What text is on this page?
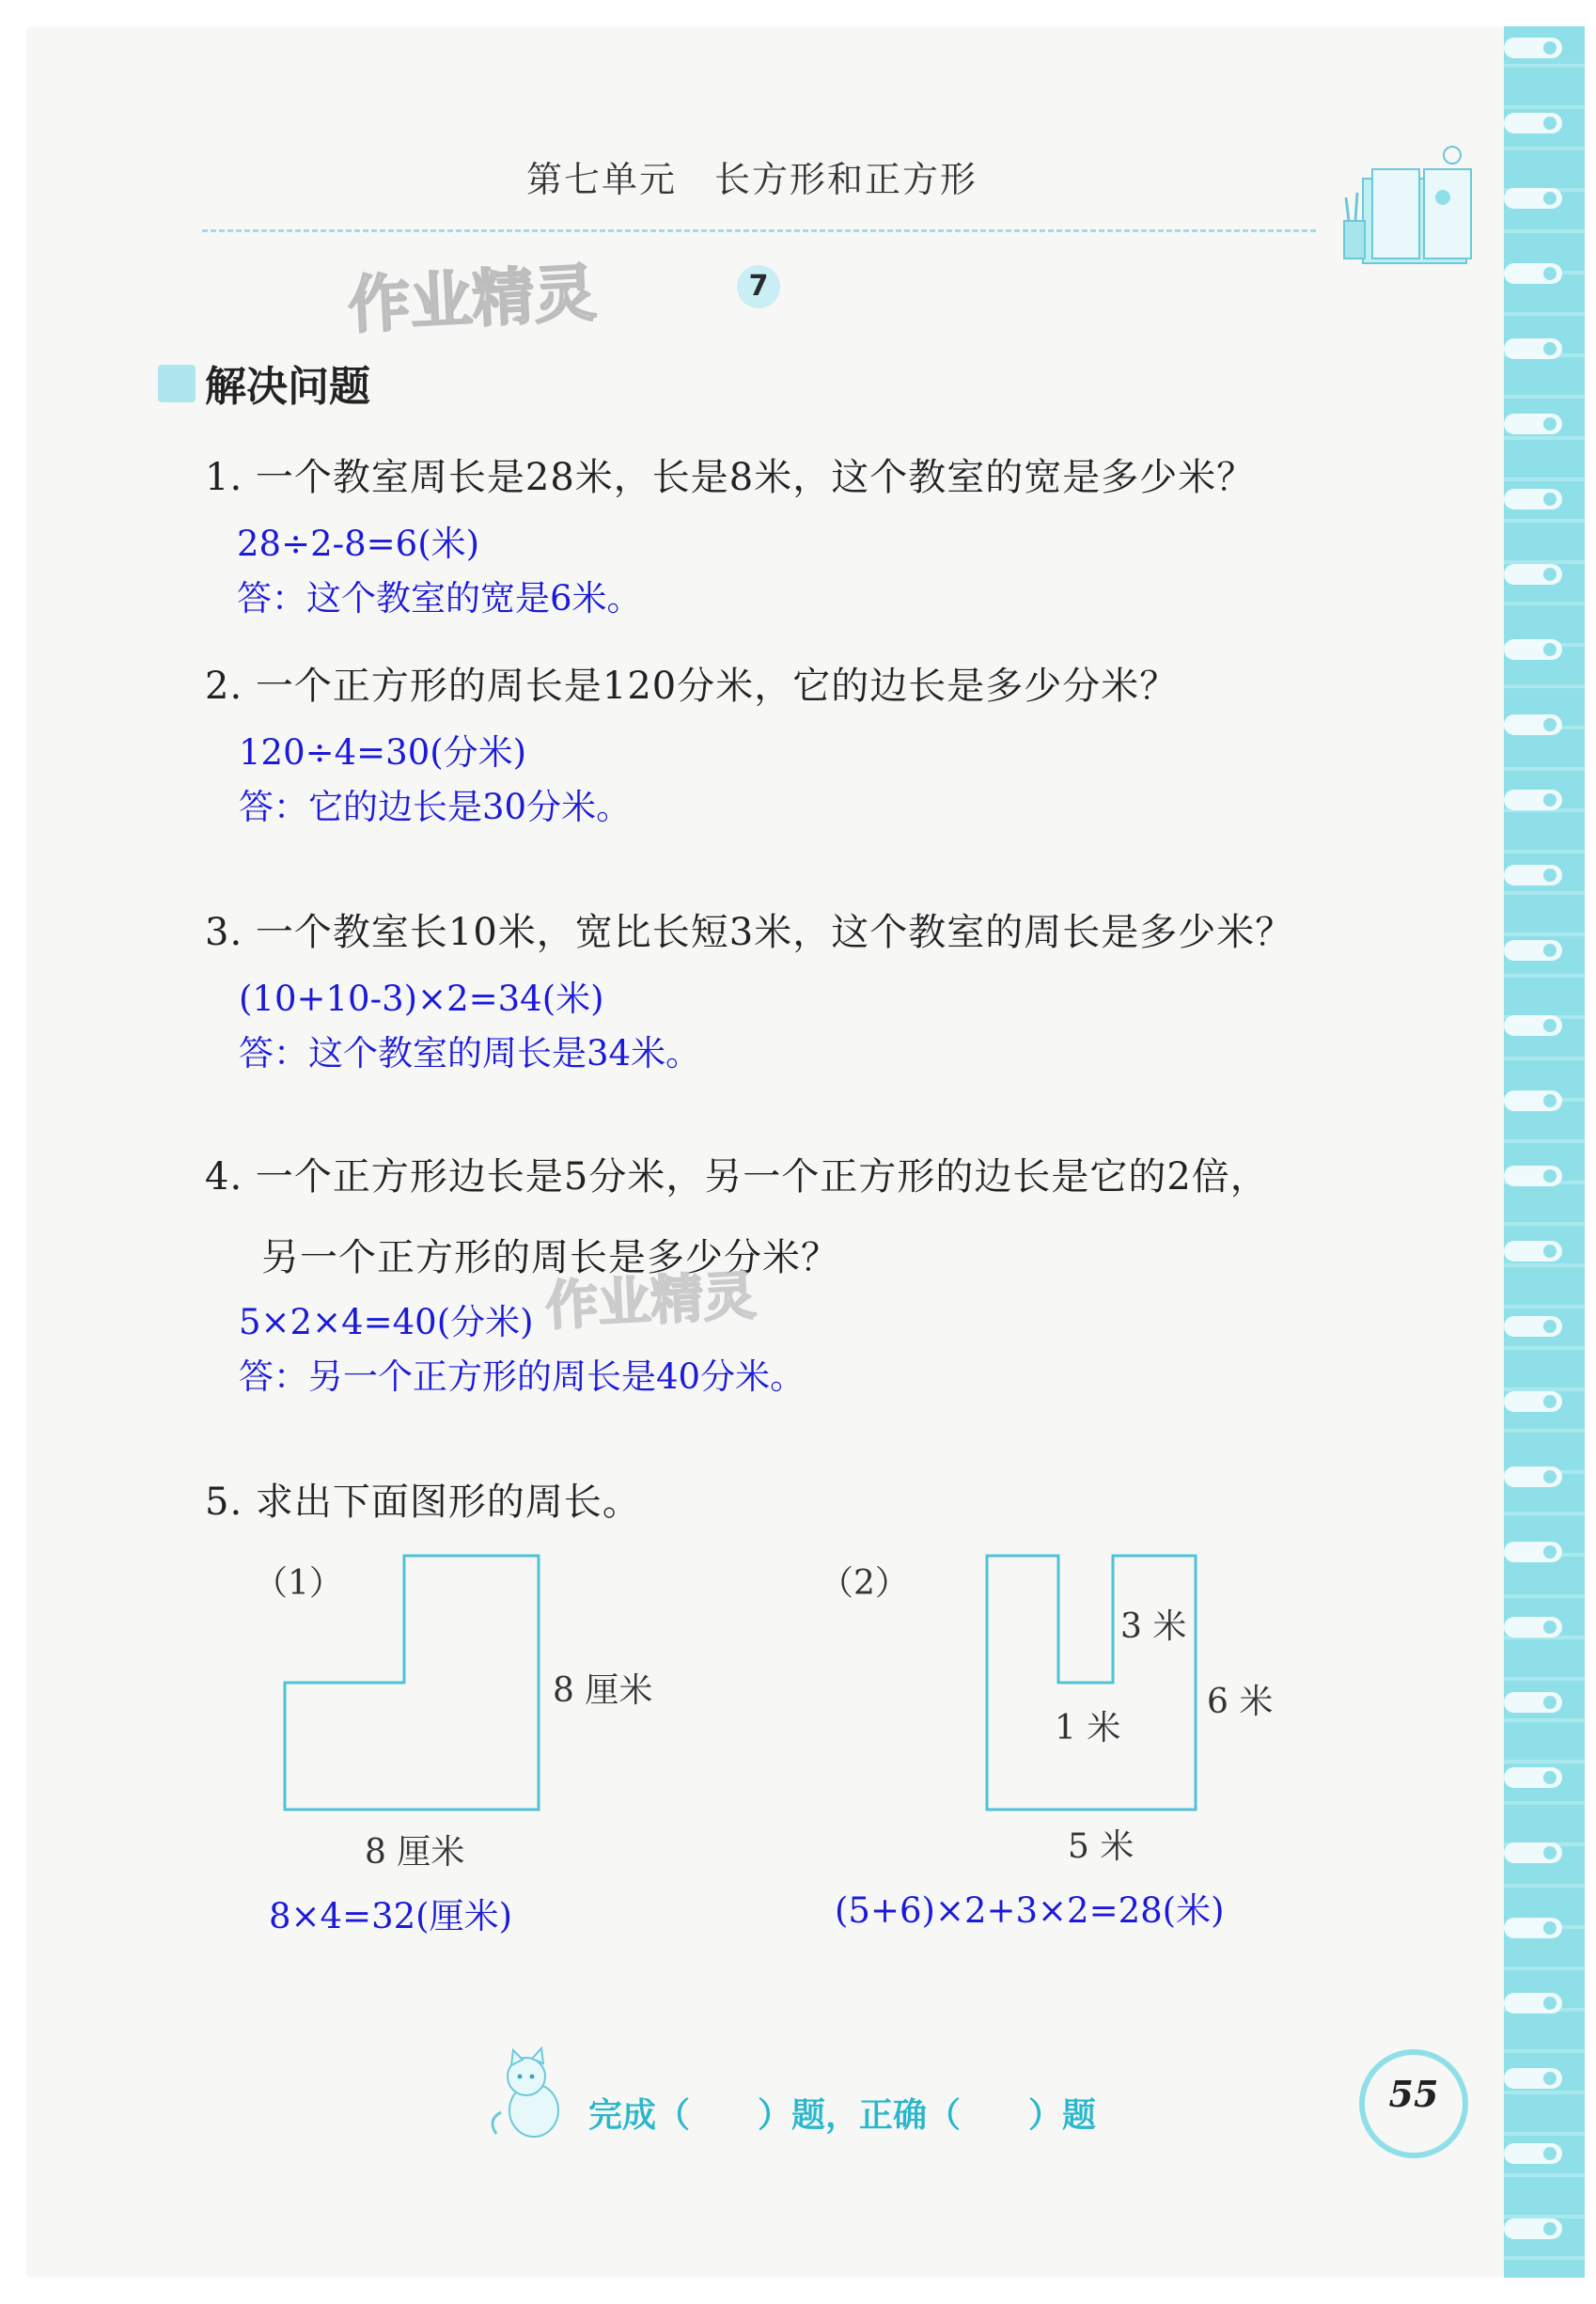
第七单元　长方形和正方形
作业精灵	7
解决问题
1. 一个教室周长是28米，长是8米，这个教室的宽是多少米？
28÷2-8=6(米)
答：这个教室的宽是6米。
2. 一个正方形的周长是120分米，它的边长是多少分米？
120÷4=30(分米)
答：它的边长是30分米。
3. 一个教室长10米，宽比长短3米，这个教室的周长是多少米？
(10+10-3)×2=34(米)
答：这个教室的周长是34米。
4. 一个正方形边长是5分米，另一个正方形的边长是它的2倍，
另一个正方形的周长是多少分米？
作业精灵
5×2×4=40(分米)
答：另一个正方形的周长是40分米。
5. 求出下面图形的周长。
（1）
8 厘米
8 厘米
8×4=32(厘米)
（2）
3 米
1 米
6 米
5 米
(5+6)×2+3×2=28(米)
完成（　　）题，正确（　　）题
55
